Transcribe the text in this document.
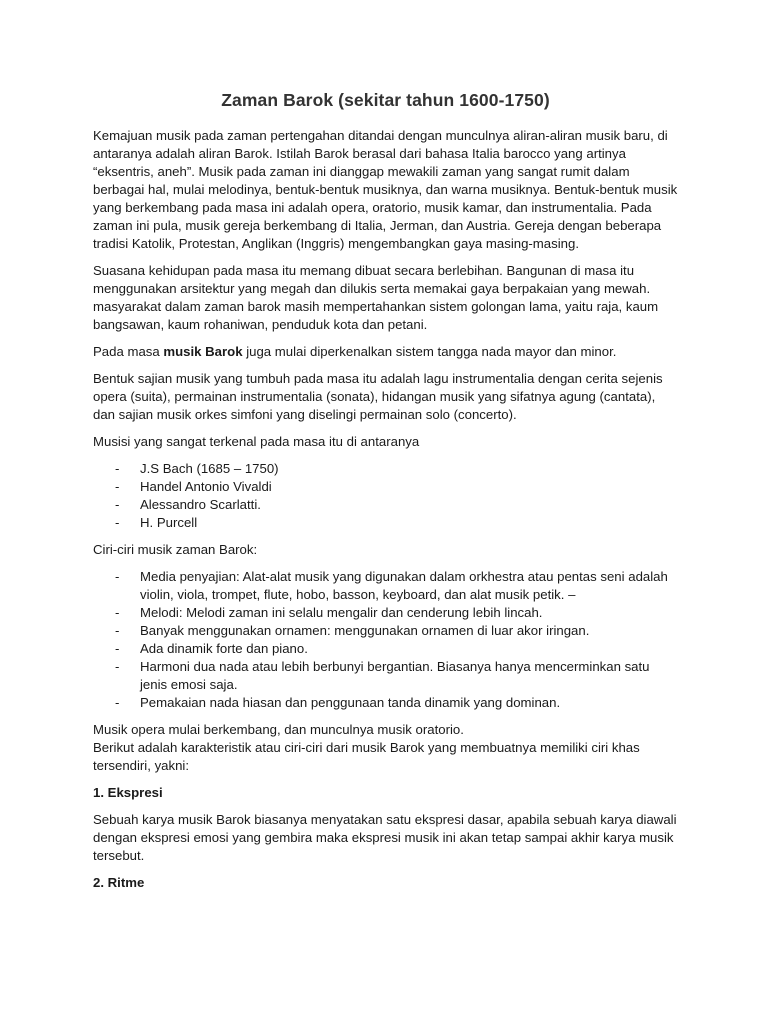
Zaman Barok (sekitar tahun 1600-1750)

Kemajuan musik pada zaman pertengahan ditandai dengan munculnya aliran-aliran musik baru, di antaranya adalah aliran Barok. Istilah Barok berasal dari bahasa Italia barocco yang artinya “eksentris, aneh”. Musik pada zaman ini dianggap mewakili zaman yang sangat rumit dalam berbagai hal, mulai melodinya, bentuk-bentuk musiknya, dan warna musiknya. Bentuk-bentuk musik yang berkembang pada masa ini adalah opera, oratorio, musik kamar, dan instrumentalia. Pada zaman ini pula, musik gereja berkembang di Italia, Jerman, dan Austria. Gereja dengan beberapa tradisi Katolik, Protestan, Anglikan (Inggris) mengembangkan gaya masing-masing.

Suasana kehidupan pada masa itu memang dibuat secara berlebihan. Bangunan di masa itu menggunakan arsitektur yang megah dan dilukis serta memakai gaya berpakaian yang mewah. masyarakat dalam zaman barok masih mempertahankan sistem golongan lama, yaitu raja, kaum bangsawan, kaum rohaniwan, penduduk kota dan petani.

Pada masa musik Barok juga mulai diperkenalkan sistem tangga nada mayor dan minor.

Bentuk sajian musik yang tumbuh pada masa itu adalah lagu instrumentalia dengan cerita sejenis opera (suita), permainan instrumentalia (sonata), hidangan musik yang sifatnya agung (cantata), dan sajian musik orkes simfoni yang diselingi permainan solo (concerto).

Musisi yang sangat terkenal pada masa itu di antaranya

- J.S Bach (1685 – 1750)
- Handel Antonio Vivaldi
- Alessandro Scarlatti.
- H. Purcell

Ciri-ciri musik zaman Barok:

- Media penyajian: Alat-alat musik yang digunakan dalam orkhestra atau pentas seni adalah violin, viola, trompet, flute, hobo, basson, keyboard, dan alat musik petik. –
- Melodi: Melodi zaman ini selalu mengalir dan cenderung lebih lincah.
- Banyak menggunakan ornamen: menggunakan ornamen di luar akor iringan.
- Ada dinamik forte dan piano.
- Harmoni dua nada atau lebih berbunyi bergantian. Biasanya hanya mencerminkan satu jenis emosi saja.
- Pemakaian nada hiasan dan penggunaan tanda dinamik yang dominan.

Musik opera mulai berkembang, dan munculnya musik oratorio.

Berikut adalah karakteristik atau ciri-ciri dari musik Barok yang membuatnya memiliki ciri khas tersendiri, yakni:

1. Ekspresi

Sebuah karya musik Barok biasanya menyatakan satu ekspresi dasar, apabila sebuah karya diawali dengan ekspresi emosi yang gembira maka ekspresi musik ini akan tetap sampai akhir karya musik tersebut.

2. Ritme
